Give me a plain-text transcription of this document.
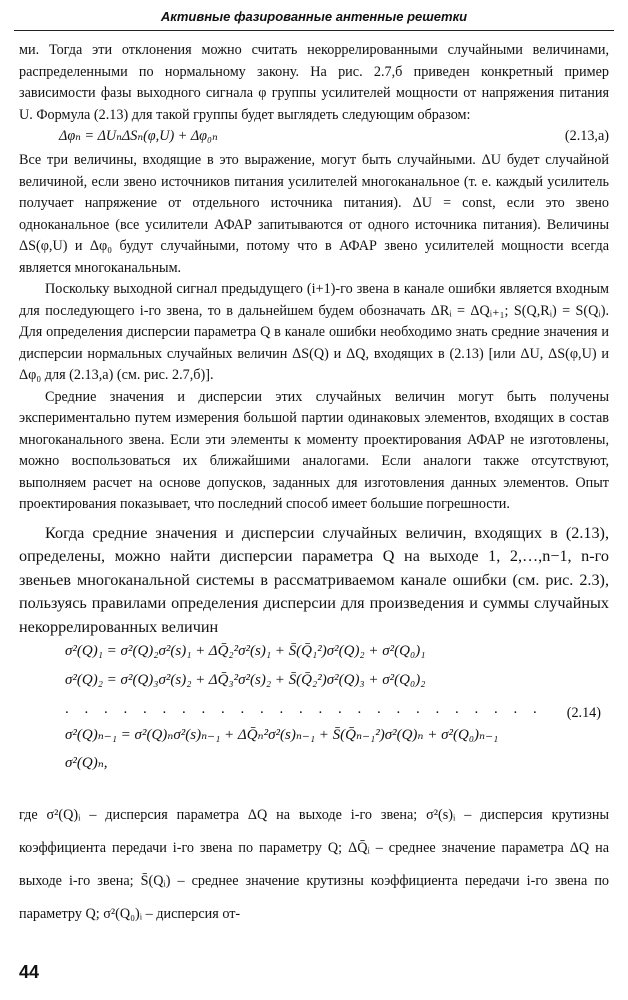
Активные фазированные антенные решетки

ми. Тогда эти отклонения можно считать некоррелированными случайными величинами, распределенными по нормальному закону. На рис. 2.7,б приведен конкретный пример зависимости фазы выходного сигнала φ группы усилителей мощности от напряжения питания U. Формула (2.13) для такой группы будет выглядеть следующим образом:

Δφₙ = ΔUₙΔSₙ(φ,U) + Δφ₀ₙ	(2.13,а)

Все три величины, входящие в это выражение, могут быть случайными. ΔU будет случайной величиной, если звено источников питания усилителей многоканальное (т. е. каждый усилитель получает напряжение от отдельного источника питания). ΔU = const, если это звено одноканальное (все усилители АФАР запитываются от одного источника питания). Величины ΔS(φ,U) и Δφ₀ будут случайными, потому что в АФАР звено усилителей мощности всегда является многоканальным.

Поскольку выходной сигнал предыдущего (i+1)-го звена в канале ошибки является входным для последующего i-го звена, то в дальнейшем будем обозначать ΔRᵢ = ΔQᵢ₊₁; S(Q,Rᵢ) = S(Qᵢ). Для определения дисперсии параметра Q в канале ошибки необходимо знать средние значения и дисперсии нормальных случайных величин ΔS(Q) и ΔQ, входящих в (2.13) [или ΔU, ΔS(φ,U) и Δφ₀ для (2.13,а) (см. рис. 2.7,б)].

Средние значения и дисперсии этих случайных величин могут быть получены экспериментально путем измерения большой партии одинаковых элементов, входящих в состав многоканального звена. Если эти элементы к моменту проектирования АФАР не изготовлены, можно воспользоваться их ближайшими аналогами. Если аналоги также отсутствуют, выполняем расчет на основе допусков, заданных для изготовления данных элементов. Опыт проектирования показывает, что последний способ имеет большие погрешности.

Когда средние значения и дисперсии случайных величин, входящих в (2.13), определены, можно найти дисперсии параметра Q на выходе 1, 2,…,n−1, n-го звеньев многоканальной системы в рассматриваемом канале ошибки (см. рис. 2.3), пользуясь правилами определения дисперсии для произведения и суммы случайных некоррелированных величин

σ²(Q)₁ = σ²(Q)₂σ²(s)₁ + ΔQ̄₂²σ²(s)₁ + S̄(Q̄₁²)σ²(Q)₂ + σ²(Q₀)₁
σ²(Q)₂ = σ²(Q)₃σ²(s)₂ + ΔQ̄₃²σ²(s)₂ + S̄(Q̄₂²)σ²(Q)₃ + σ²(Q₀)₂
. . . . . . . . . . . . . . . . . . . . . . . . .
σ²(Q)ₙ₋₁ = σ²(Q)ₙσ²(s)ₙ₋₁ + ΔQ̄ₙ²σ²(s)ₙ₋₁ + S̄(Q̄ₙ₋₁²)σ²(Q)ₙ + σ²(Q₀)ₙ₋₁
σ²(Q)ₙ,
(2.14)

где σ²(Q)ᵢ – дисперсия параметра ΔQ на выходе i-го звена; σ²(s)ᵢ – дисперсия крутизны коэффициента передачи i-го звена по параметру Q; ΔQ̄ᵢ – среднее значение параметра ΔQ на выходе i-го звена; S̄(Qᵢ) – среднее значение крутизны коэффициента передачи i-го звена по параметру Q; σ²(Q₀)ᵢ – дисперсия от-

44
